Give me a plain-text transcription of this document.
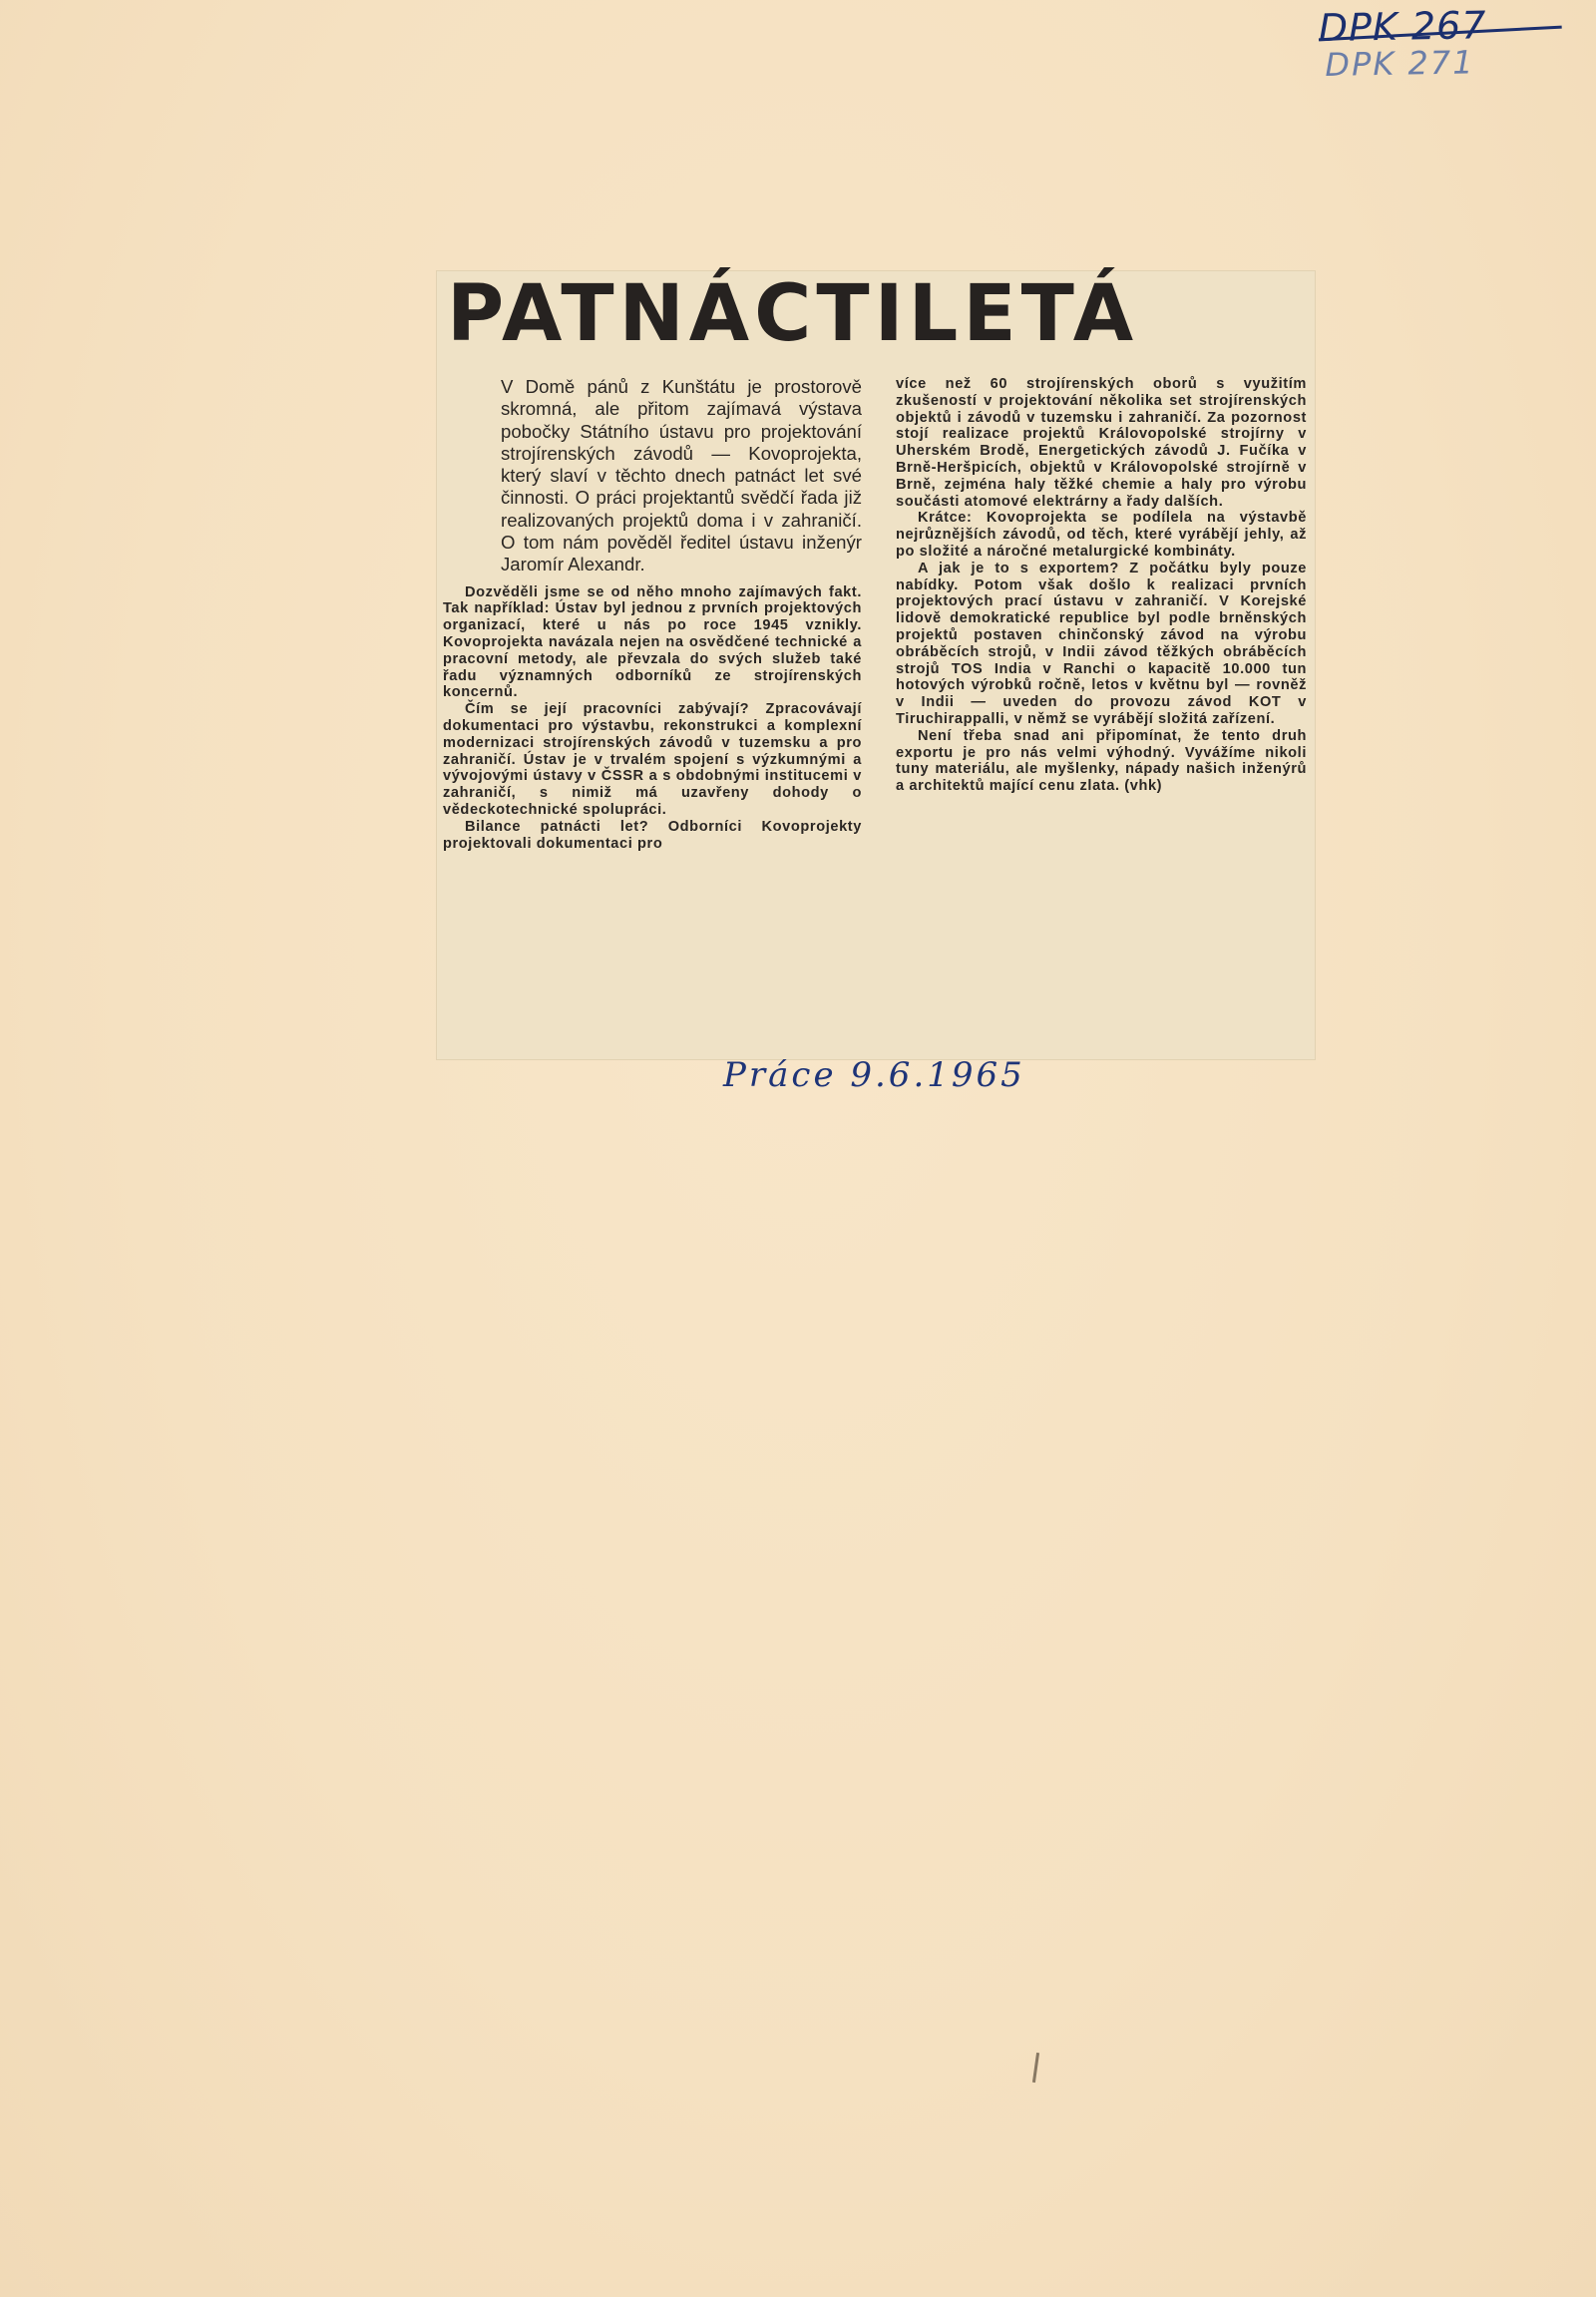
DPK 267
DPK 271
PATNÁCTILETÁ

V Domě pánů z Kunštátu je prostorově skromná, ale přitom zajímavá výstava pobočky Státního ústavu pro projektování strojírenských závodů — Kovoprojekta, který slaví v těchto dnech patnáct let své činnosti. O práci projektantů svědčí řada již realizovaných projektů doma i v zahraničí. O tom nám pověděl ředitel ústavu inženýr Jaromír Alexandr.

Dozvěděli jsme se od něho mnoho zajímavých fakt. Tak například: Ústav byl jednou z prvních projektových organizací, které u nás po roce 1945 vznikly. Kovoprojekta navázala nejen na osvědčené technické a pracovní metody, ale převzala do svých služeb také řadu významných odborníků ze strojírenských koncernů.

Čím se její pracovníci zabývají? Zpracovávají dokumentaci pro výstavbu, rekonstrukci a komplexní modernizaci strojírenských závodů v tuzemsku a pro zahraničí. Ústav je v trvalém spojení s výzkumnými a vývojovými ústavy v ČSSR a s obdobnými institucemi v zahraničí, s nimiž má uzavřeny dohody o vědeckotechnické spolupráci.

Bilance patnácti let? Odborníci Kovoprojekty projektovali dokumentaci pro

více než 60 strojírenských oborů s využitím zkušeností v projektování několika set strojírenských objektů i závodů v tuzemsku i zahraničí. Za pozornost stojí realizace projektů Královopolské strojírny v Uherském Brodě, Energetických závodů J. Fučíka v Brně-Heršpicích, objektů v Královopolské strojírně v Brně, zejména haly těžké chemie a haly pro výrobu součásti atomové elektrárny a řady dalších.

Krátce: Kovoprojekta se podílela na výstavbě nejrůznějších závodů, od těch, které vyrábějí jehly, až po složité a náročné metalurgické kombináty.

A jak je to s exportem? Z počátku byly pouze nabídky. Potom však došlo k realizaci prvních projektových prací ústavu v zahraničí. V Korejské lidově demokratické republice byl podle brněnských projektů postaven chinčonský závod na výrobu obráběcích strojů, v Indii závod těžkých obráběcích strojů TOS India v Ranchi o kapacitě 10.000 tun hotových výrobků ročně, letos v květnu byl — rovněž v Indii — uveden do provozu závod KOT v Tiruchirappalli, v němž se vyrábějí složitá zařízení.

Není třeba snad ani připomínat, že tento druh exportu je pro nás velmi výhodný. Vyvážíme nikoli tuny materiálu, ale myšlenky, nápady našich inženýrů a architektů mající cenu zlata. (vhk)

Práce 9.6.1965
